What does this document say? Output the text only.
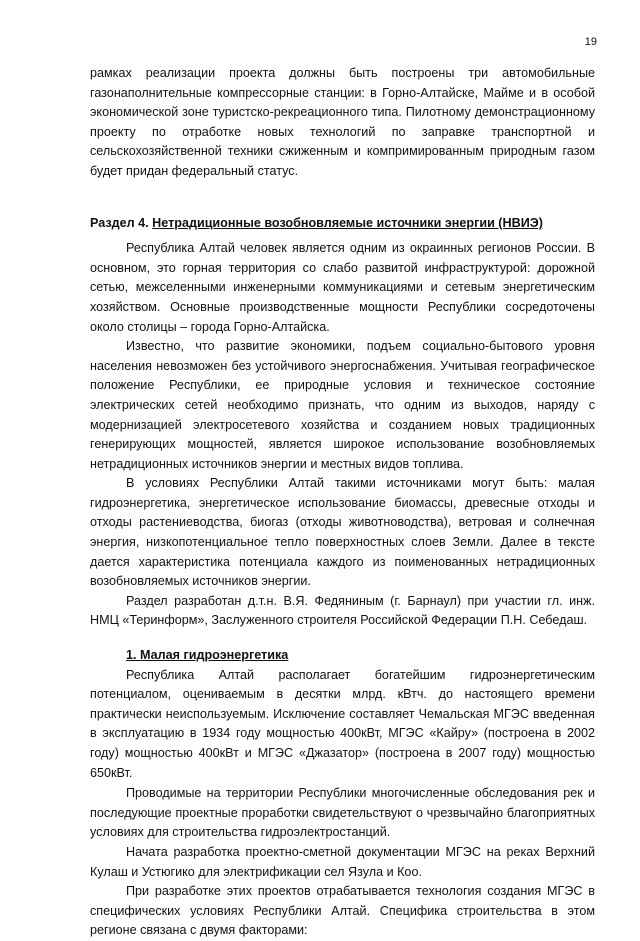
19

рамках реализации проекта должны быть построены три автомобильные газонаполнительные компрессорные станции: в Горно-Алтайске, Майме и в особой экономической зоне туристско-рекреационного типа. Пилотному демонстрационному проекту по отработке новых технологий по заправке транспортной и сельскохозяйственной техники сжиженным и компримированным природным газом будет придан федеральный статус.

Раздел 4. Нетрадиционные возобновляемые источники энергии (НВИЭ)

Республика Алтай человек является одним из окраинных регионов России. В основном, это горная территория со слабо развитой инфраструктурой: дорожной сетью, межселенными инженерными коммуникациями и сетевым энергетическим хозяйством. Основные производственные мощности Республики сосредоточены около столицы – города Горно-Алтайска.

Известно, что развитие экономики, подъем социально-бытового уровня населения невозможен без устойчивого энергоснабжения. Учитывая географическое положение Республики, ее природные условия и техническое состояние электрических сетей необходимо признать, что одним из выходов, наряду с модернизацией электросетевого хозяйства и созданием новых традиционных генерирующих мощностей, является широкое использование возобновляемых нетрадиционных источников энергии и местных видов топлива.

В условиях Республики Алтай такими источниками могут быть: малая гидроэнергетика, энергетическое использование биомассы, древесные отходы и отходы растениеводства, биогаз (отходы животноводства), ветровая и солнечная энергия, низкопотенциальное тепло поверхностных слоев Земли. Далее в тексте дается характеристика потенциала каждого из поименованных нетрадиционных возобновляемых источников энергии.

Раздел разработан д.т.н. В.Я. Федяниным (г. Барнаул) при участии гл. инж. НМЦ «Теринформ», Заслуженного строителя Российской Федерации П.Н. Себедаш.

1. Малая гидроэнергетика

Республика Алтай располагает богатейшим гидроэнергетическим потенциалом, оцениваемым в десятки млрд. кВтч. до настоящего времени практически неиспользуемым. Исключение составляет Чемальская МГЭС введенная в эксплуатацию в 1934 году мощностью 400кВт, МГЭС «Кайру» (построена в 2002 году) мощностью 400кВт и МГЭС «Джазатор» (построена в 2007 году) мощностью 650кВт.

Проводимые на территории Республики многочисленные обследования рек и последующие проектные проработки свидетельствуют о чрезвычайно благоприятных условиях для строительства гидроэлектростанций.

Начата разработка проектно-сметной документации МГЭС на реках Верхний Кулаш и Устюгико для электрификации сел Язула и Коо.

При разработке этих проектов отрабатывается технология создания МГЭС в специфических условиях Республики Алтай. Специфика строительства в этом регионе связана с двумя факторами:
